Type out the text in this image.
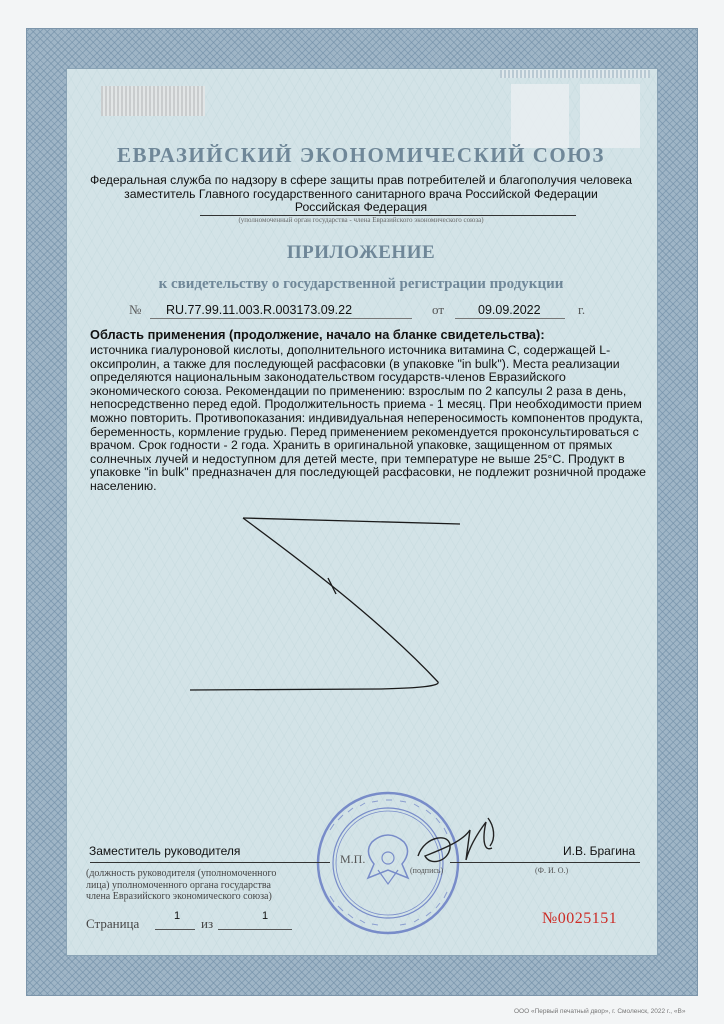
ЕВРАЗИЙСКИЙ ЭКОНОМИЧЕСКИЙ СОЮЗ
Федеральная служба по надзору в сфере защиты прав потребителей и благополучия человека
заместитель Главного государственного санитарного врача Российской Федерации
Российская Федерация
(уполномоченный орган государства - члена Евразийского экономического союза)
ПРИЛОЖЕНИЕ
к свидетельству о государственной регистрации продукции
№ RU.77.99.11.003.R.003173.09.22	от	09.09.2022	г.
Область применения (продолжение, начало на бланке свидетельства):
источника гиалуроновой кислоты, дополнительного источника витамина С, содержащей L-
оксипролин, а также для последующей расфасовки (в упаковке "in bulk"). Места реализации
определяются национальным законодательством государств-членов Евразийского
экономического союза. Рекомендации по применению: взрослым по 2 капсулы 2 раза в день,
непосредственно перед едой. Продолжительность приема - 1 месяц. При необходимости прием
можно повторить. Противопоказания: индивидуальная непереносимость компонентов продукта,
беременность, кормление грудью. Перед применением рекомендуется проконсультироваться с
врачом. Срок годности - 2 года. Хранить в оригинальной упаковке, защищенном от прямых
солнечных лучей и недоступном для детей месте, при температуре не выше 25°С. Продукт в
упаковке "in bulk" предназначен для последующей расфасовки, не подлежит розничной продаже
населению.
Заместитель руководителя
М.П.
(подпись)
И.В. Брагина
(Ф. И. О.)
(должность руководителя (уполномоченного
лица) уполномоченного органа государства
члена Евразийского экономического союза)
Страница	1 из	1	№0025151
ООО «Первый печатный двор», г. Смоленск, 2022 г., «В»
